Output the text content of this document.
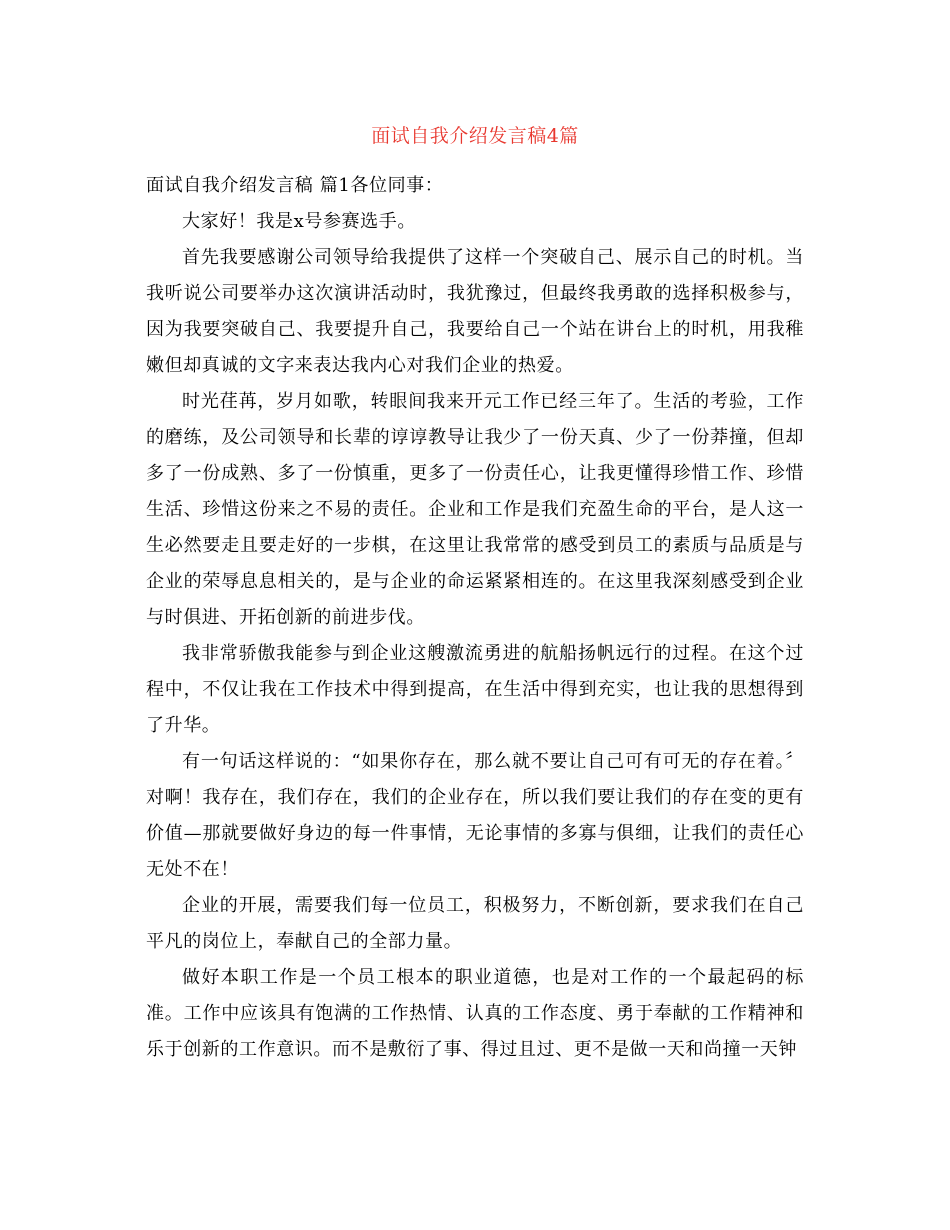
面试自我介绍发言稿4篇

面试自我介绍发言稿 篇1各位同事：

大家好！我是x号参赛选手。

首先我要感谢公司领导给我提供了这样一个突破自己、展示自己的时机。当我听说公司要举办这次演讲活动时，我犹豫过，但最终我勇敢的选择积极参与，因为我要突破自己、我要提升自己，我要给自己一个站在讲台上的时机，用我稚嫩但却真诚的文字来表达我内心对我们企业的热爱。

时光荏苒，岁月如歌，转眼间我来开元工作已经三年了。生活的考验，工作的磨练，及公司领导和长辈的谆谆教导让我少了一份天真、少了一份莽撞，但却多了一份成熟、多了一份慎重，更多了一份责任心，让我更懂得珍惜工作、珍惜生活、珍惜这份来之不易的责任。企业和工作是我们充盈生命的平台，是人这一生必然要走且要走好的一步棋，在这里让我常常的感受到员工的素质与品质是与企业的荣辱息息相关的，是与企业的命运紧紧相连的。在这里我深刻感受到企业与时俱进、开拓创新的前进步伐。

我非常骄傲我能参与到企业这艘激流勇进的航船扬帆远行的过程。在这个过程中，不仅让我在工作技术中得到提高，在生活中得到充实，也让我的思想得到了升华。

有一句话这样说的：“如果你存在，那么就不要让自己可有可无的存在着。〞对啊！我存在，我们存在，我们的企业存在，所以我们要让我们的存在变的更有价值—那就要做好身边的每一件事情，无论事情的多寡与俱细，让我们的责任心无处不在！

企业的开展，需要我们每一位员工，积极努力，不断创新，要求我们在自己平凡的岗位上，奉献自己的全部力量。

做好本职工作是一个员工根本的职业道德，也是对工作的一个最起码的标准。工作中应该具有饱满的工作热情、认真的工作态度、勇于奉献的工作精神和乐于创新的工作意识。而不是敷衍了事、得过且过、更不是做一天和尚撞一天钟
